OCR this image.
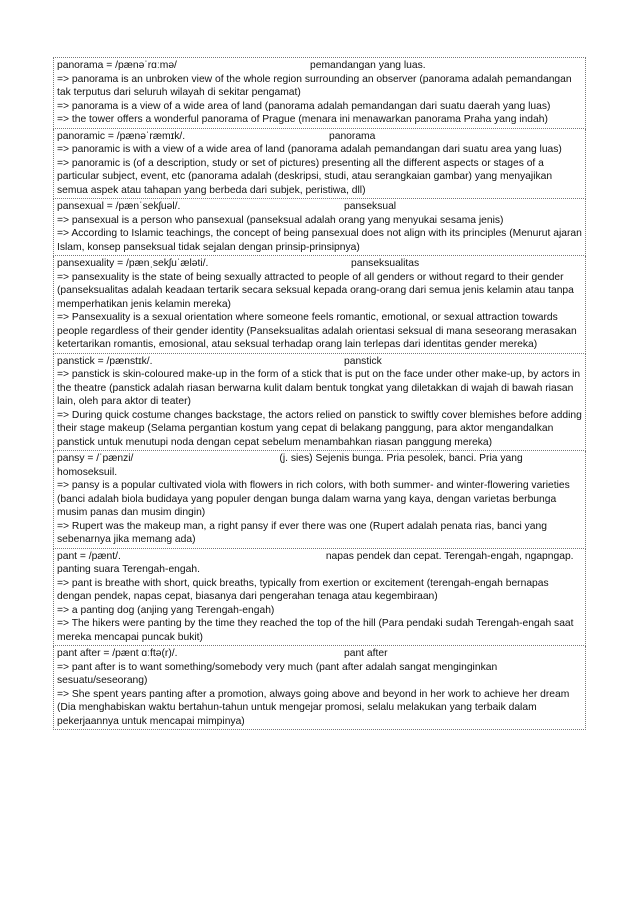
panorama = /pænəˈrɑːmə/	pemandangan yang luas.

=> panorama is an unbroken view of the whole region surrounding an observer (panorama adalah pemandangan tak terputus dari seluruh wilayah di sekitar pengamat)

=> panorama is a view of a wide area of land (panorama adalah pemandangan dari suatu daerah yang luas)

=> the tower offers a wonderful panorama of Prague (menara ini menawarkan panorama Praha yang indah)

panoramic = /pænəˈræmɪk/.	panorama

=> panoramic is with a view of a wide area of land (panorama adalah pemandangan dari suatu area yang luas)

=> panoramic is (of a description, study or set of pictures) presenting all the different aspects or stages of a particular subject, event, etc (panorama adalah (deskripsi, studi, atau serangkaian gambar) yang menyajikan semua aspek atau tahapan yang berbeda dari subjek, peristiwa, dll)

pansexual = /pænˈsekʃuəl/.	panseksual

=> pansexual is a person who pansexual (panseksual adalah orang yang menyukai sesama jenis)

=> According to Islamic teachings, the concept of being pansexual does not align with its principles (Menurut ajaran Islam, konsep panseksual tidak sejalan dengan prinsip-prinsipnya)

pansexuality = /pænˌsekʃuˈæləti/.	panseksualitas

=> pansexuality is the state of being sexually attracted to people of all genders or without regard to their gender (panseksualitas adalah keadaan tertarik secara seksual kepada orang-orang dari semua jenis kelamin atau tanpa memperhatikan jenis kelamin mereka)

=> Pansexuality is a sexual orientation where someone feels romantic, emotional, or sexual attraction towards people regardless of their gender identity (Panseksualitas adalah orientasi seksual di mana seseorang merasakan ketertarikan romantis, emosional, atau seksual terhadap orang lain terlepas dari identitas gender mereka)

panstick = /pænstɪk/.	panstick

=> panstick is skin-coloured make-up in the form of a stick that is put on the face under other make-up, by actors in the theatre (panstick adalah riasan berwarna kulit dalam bentuk tongkat yang diletakkan di wajah di bawah riasan lain, oleh para aktor di teater)

=> During quick costume changes backstage, the actors relied on panstick to swiftly cover blemishes before adding their stage makeup (Selama pergantian kostum yang cepat di belakang panggung, para aktor mengandalkan panstick untuk menutupi noda dengan cepat sebelum menambahkan riasan panggung mereka)

pansy = /ˈpænzi/	(j. sies) Sejenis bunga. Pria pesolek, banci. Pria yang homoseksuil.

=> pansy is a popular cultivated viola with flowers in rich colors, with both summer- and winter-flowering varieties (banci adalah biola budidaya yang populer dengan bunga dalam warna yang kaya, dengan varietas berbunga musim panas dan musim dingin)

=> Rupert was the makeup man, a right pansy if ever there was one (Rupert adalah penata rias, banci yang sebenarnya jika memang ada)

pant = /pænt/.	napas pendek dan cepat. Terengah-engah, ngapngap. panting suara Terengah-engah.

=> pant is breathe with short, quick breaths, typically from exertion or excitement (terengah-engah bernapas dengan pendek, napas cepat, biasanya dari pengerahan tenaga atau kegembiraan)

=> a panting dog (anjing yang Terengah-engah)

=> The hikers were panting by the time they reached the top of the hill (Para pendaki sudah Terengah-engah saat mereka mencapai puncak bukit)

pant after = /pænt ɑːftə(r)/.	pant after

=> pant after is to want something/somebody very much (pant after adalah sangat menginginkan sesuatu/seseorang)

=> She spent years panting after a promotion, always going above and beyond in her work to achieve her dream (Dia menghabiskan waktu bertahun-tahun untuk mengejar promosi, selalu melakukan yang terbaik dalam pekerjaannya untuk mencapai mimpinya)
